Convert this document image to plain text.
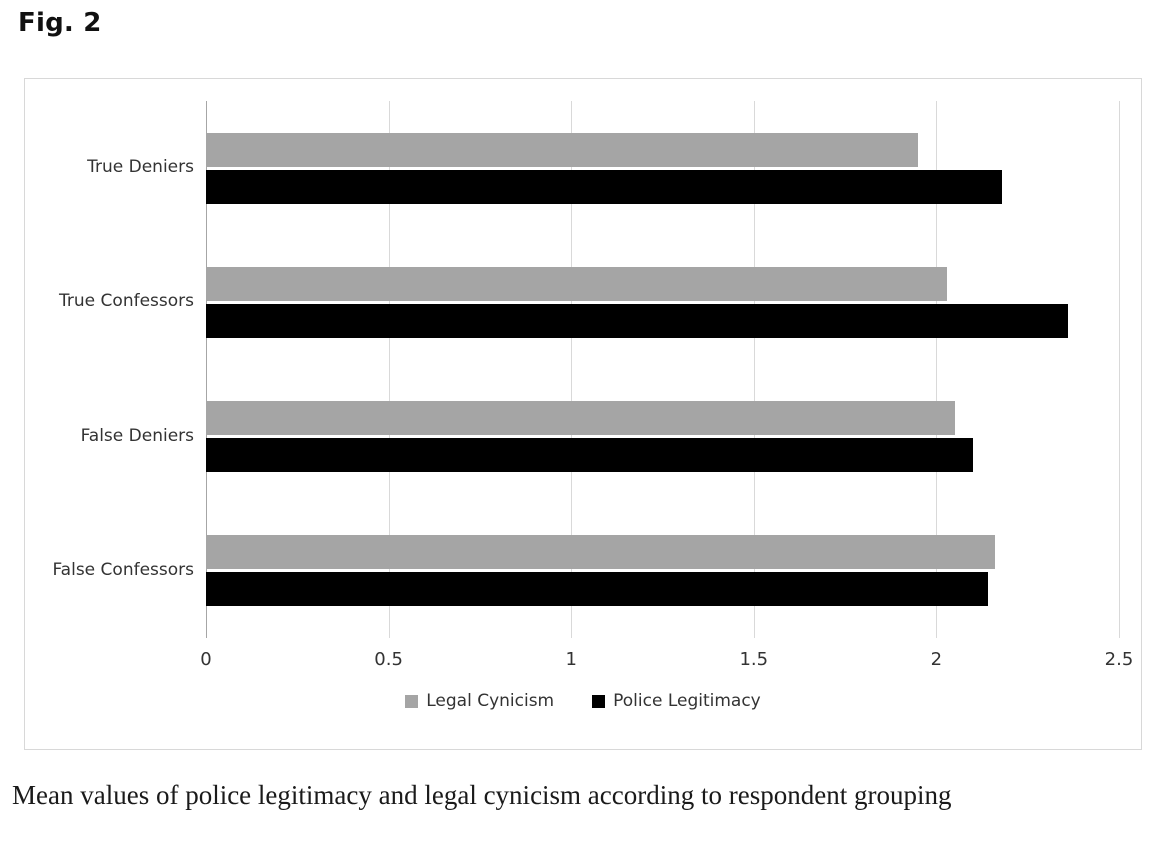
Fig. 2
0	0.5	1	1.5	2	2.5
False Confessors
False Deniers
True Confessors
True Deniers
Legal Cynicism	Police Legitimacy
Mean values of police legitimacy and legal cynicism according to respondent grouping
